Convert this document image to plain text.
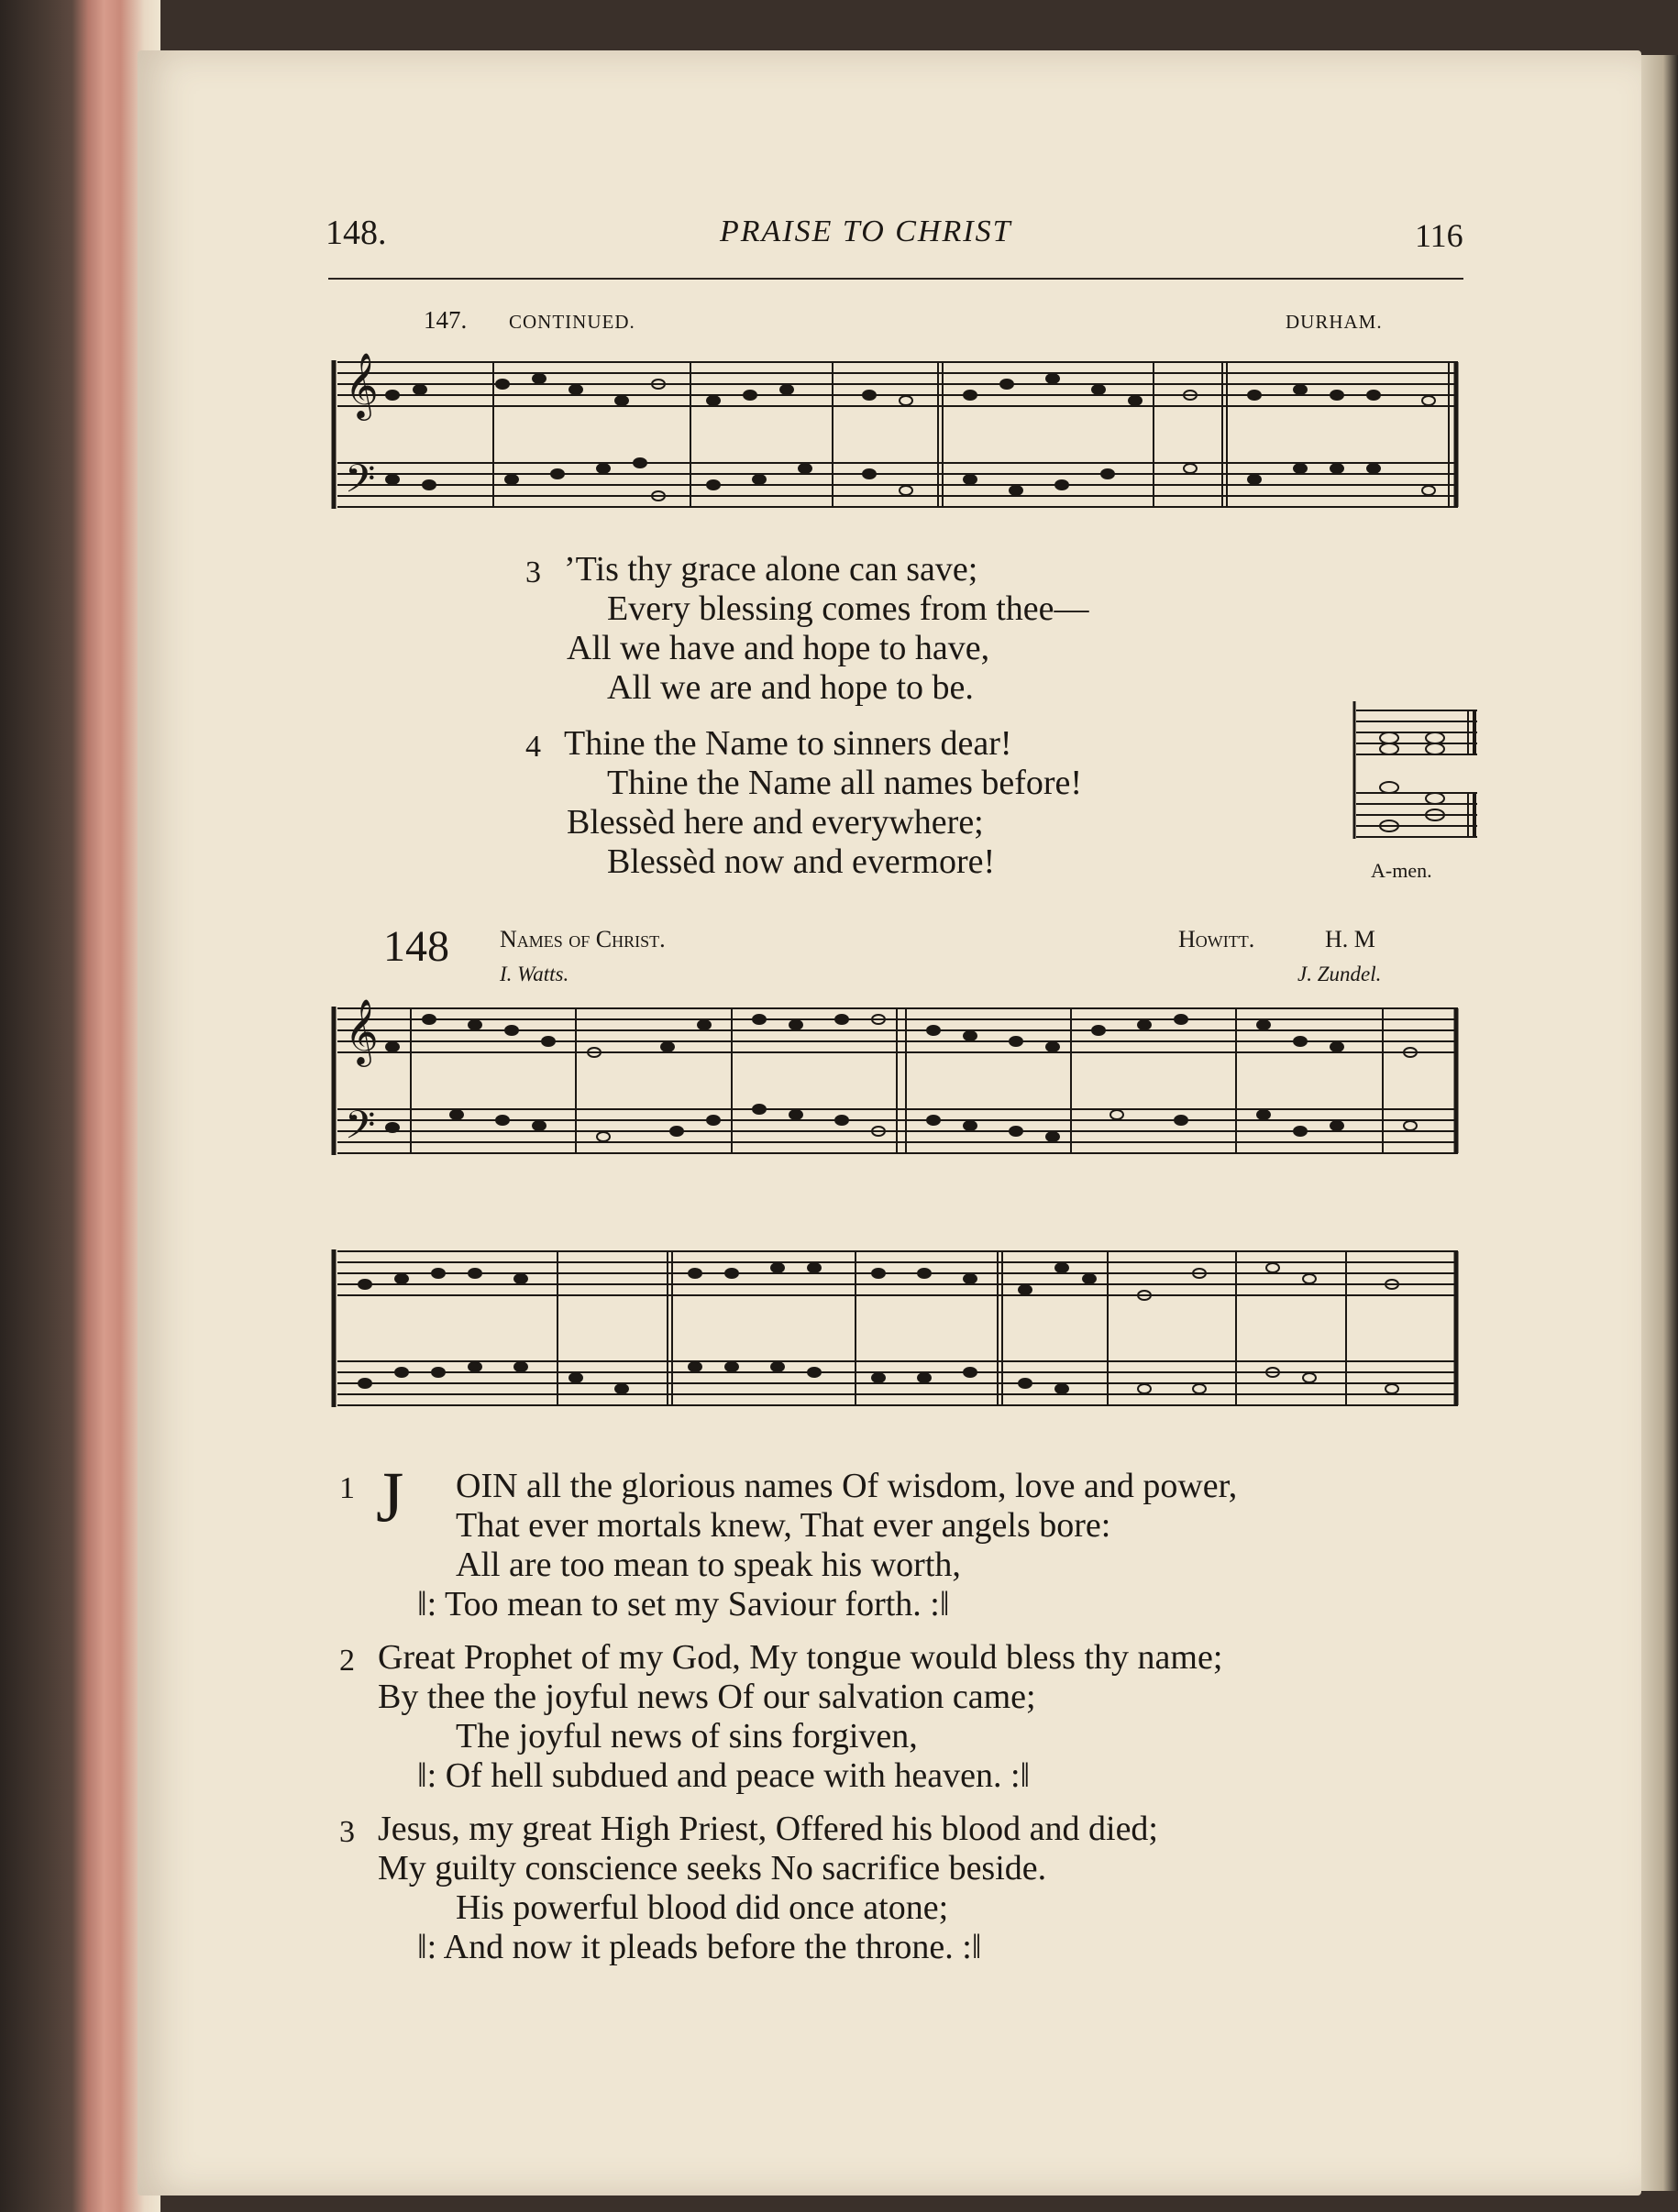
148.	PRAISE TO CHRIST	116
147. CONTINUED.	DURHAM.
𝄞
𝄢
3 ’Tis thy grace alone can save;
Every blessing comes from thee—
All we have and hope to have,
All we are and hope to be.
4 Thine the Name to sinners dear!
Thine the Name all names before!
Blessèd here and everywhere;
Blessèd now and evermore!	A-men.
148 Names of Christ.	Howitt.	H. M
I. Watts.	J. Zundel.
𝄞
𝄢
1 J OIN all the glorious names Of wisdom, love and power,
That ever mortals knew, That ever angels bore:
All are too mean to speak his worth,
‖: Too mean to set my Saviour forth. :‖
2 Great Prophet of my God, My tongue would bless thy name;
By thee the joyful news Of our salvation came;
The joyful news of sins forgiven,
‖: Of hell subdued and peace with heaven. :‖
3 Jesus, my great High Priest, Offered his blood and died;
My guilty conscience seeks No sacrifice beside.
His powerful blood did once atone;
‖: And now it pleads before the throne. :‖
